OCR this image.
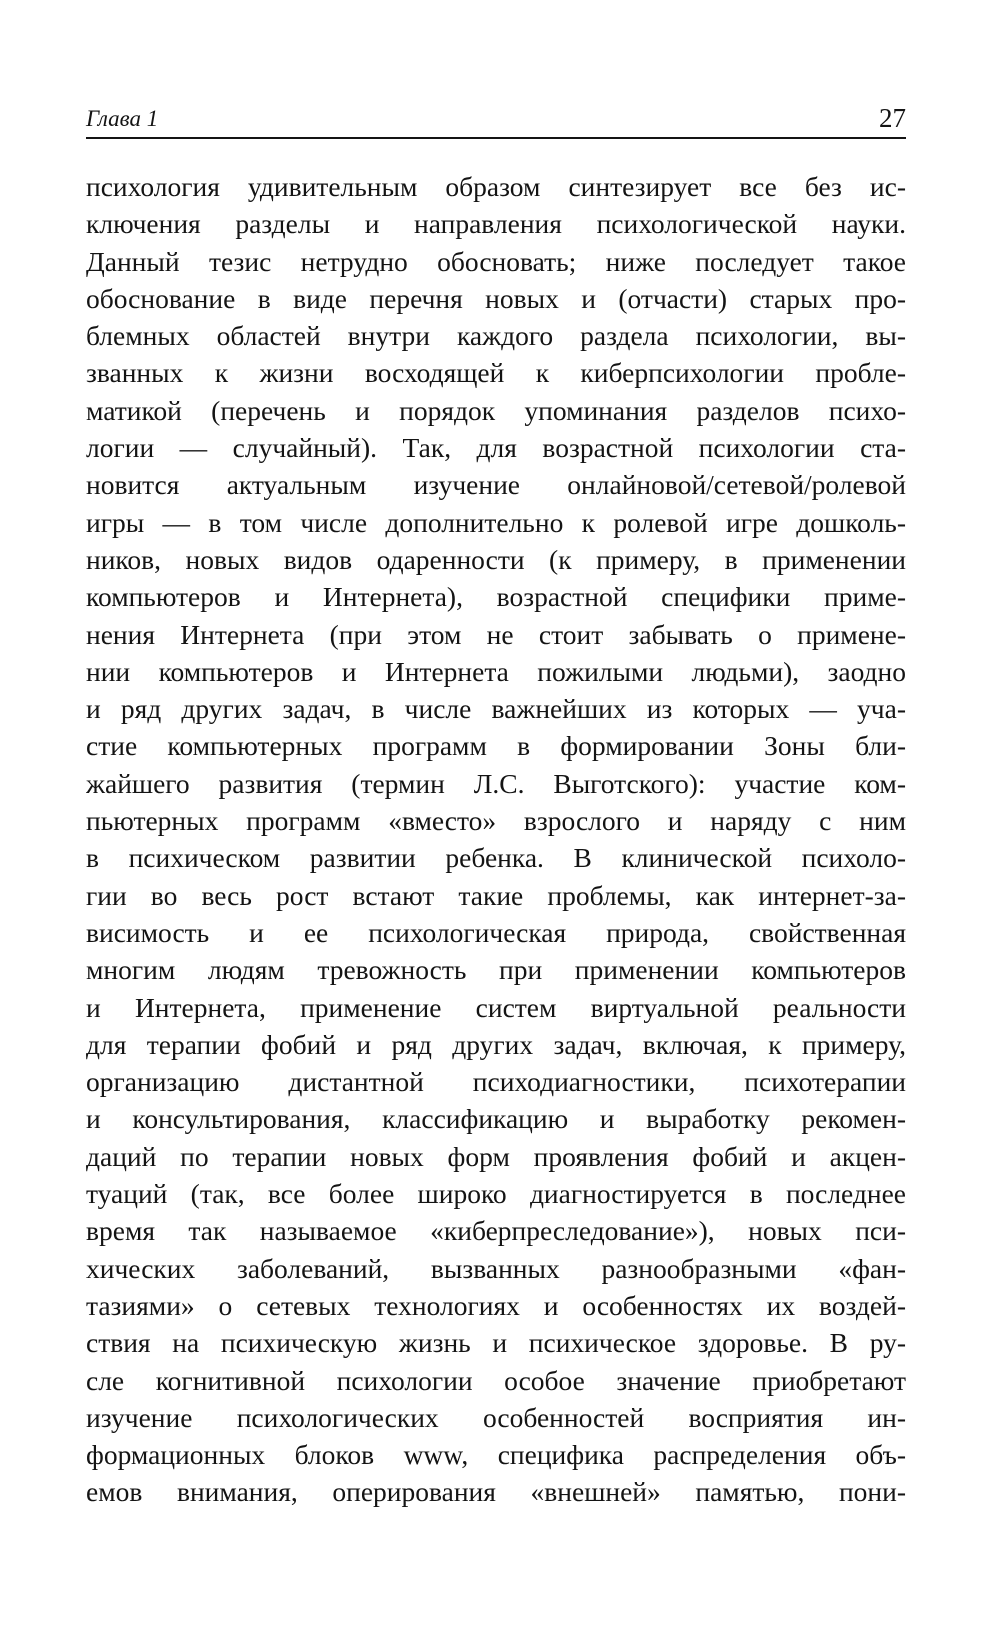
Глава 1	27
психология удивительным образом синтезирует все без ис-
ключения разделы и направления психологической науки.
Данный тезис нетрудно обосновать; ниже последует такое
обоснование в виде перечня новых и (отчасти) старых про-
блемных областей внутри каждого раздела психологии, вы-
званных к жизни восходящей к киберпсихологии пробле-
матикой (перечень и порядок упоминания разделов психо-
логии — случайный). Так, для возрастной психологии ста-
новится актуальным изучение онлайновой/сетевой/ролевой
игры — в том числе дополнительно к ролевой игре дошколь-
ников, новых видов одаренности (к примеру, в применении
компьютеров и Интернета), возрастной специфики приме-
нения Интернета (при этом не стоит забывать о примене-
нии компьютеров и Интернета пожилыми людьми), заодно
и ряд других задач, в числе важнейших из которых — уча-
стие компьютерных программ в формировании Зоны бли-
жайшего развития (термин Л.С. Выготского): участие ком-
пьютерных программ «вместо» взрослого и наряду с ним
в психическом развитии ребенка. В клинической психоло-
гии во весь рост встают такие проблемы, как интернет-за-
висимость и ее психологическая природа, свойственная
многим людям тревожность при применении компьютеров
и Интернета, применение систем виртуальной реальности
для терапии фобий и ряд других задач, включая, к примеру,
организацию дистантной психодиагностики, психотерапии
и консультирования, классификацию и выработку рекомен-
даций по терапии новых форм проявления фобий и акцен-
туаций (так, все более широко диагностируется в последнее
время так называемое «киберпреследование»), новых пси-
хических заболеваний, вызванных разнообразными «фан-
тазиями» о сетевых технологиях и особенностях их воздей-
ствия на психическую жизнь и психическое здоровье. В ру-
сле когнитивной психологии особое значение приобретают
изучение психологических особенностей восприятия ин-
формационных блоков www, специфика распределения объ-
емов внимания, оперирования «внешней» памятью, пони-
